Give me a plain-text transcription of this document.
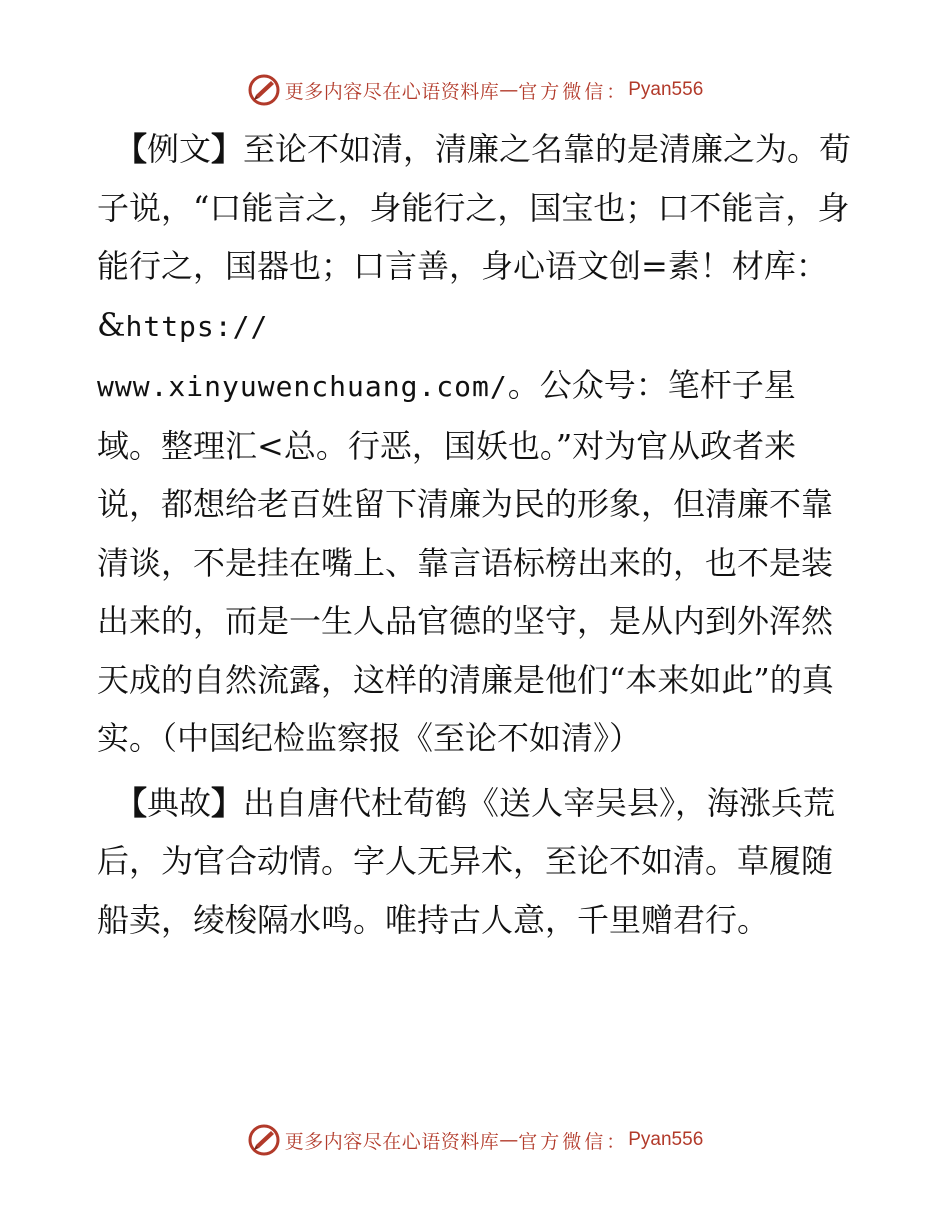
更多内容尽在心语资料库 — 官方微信： Pyan556

【例文】至论不如清，清廉之名靠的是清廉之为。荀子说，“口能言之，身能行之，国宝也；口不能言，身能行之，国器也；口言善，身心语文创=素！材库：&https://
www.xinyuwenchuang.com/。公众号：笔杆子星域。整理汇<总。行恶，国妖也。”对为官从政者来说，都想给老百姓留下清廉为民的形象，但清廉不靠清谈，不是挂在嘴上、靠言语标榜出来的，也不是装出来的，而是一生人品官德的坚守，是从内到外浑然天成的自然流露，这样的清廉是他们“本来如此”的真实。（中国纪检监察报《至论不如清》）

【典故】出自唐代杜荀鹤《送人宰吴县》，海涨兵荒后，为官合动情。字人无异术，至论不如清。草履随船卖，绫梭隔水鸣。唯持古人意，千里赠君行。

更多内容尽在心语资料库 — 官方微信： Pyan556
